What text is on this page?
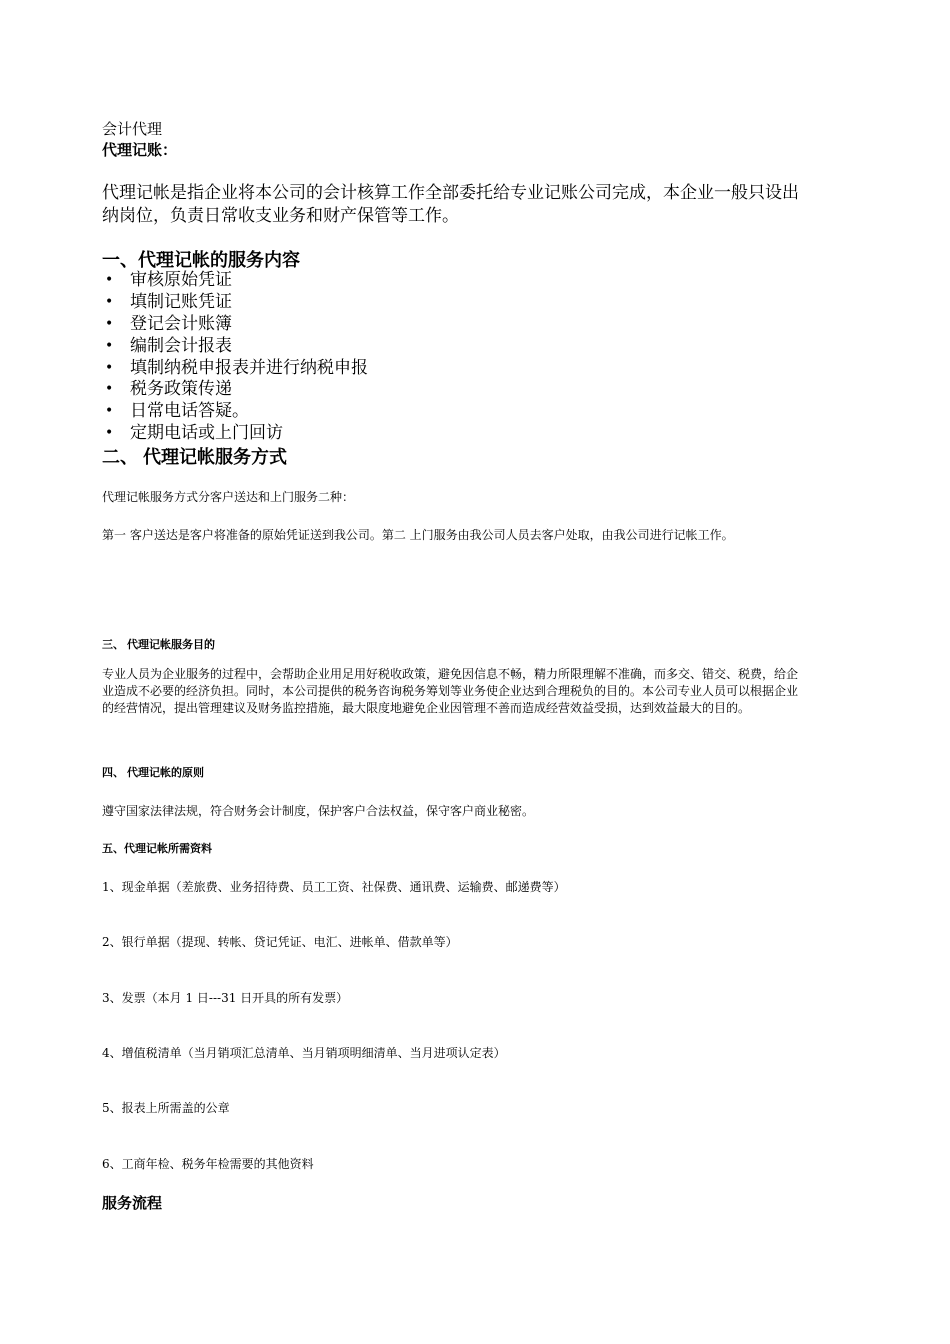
会计代理

代理记账：

代理记帐是指企业将本公司的会计核算工作全部委托给专业记账公司完成，本企业一般只设出纳岗位，负责日常收支业务和财产保管等工作。

一、代理记帐的服务内容

• 审核原始凭证
• 填制记账凭证
• 登记会计账簿
• 编制会计报表
• 填制纳税申报表并进行纳税申报
• 税务政策传递
• 日常电话答疑。
• 定期电话或上门回访

二、 代理记帐服务方式

代理记帐服务方式分客户送达和上门服务二种：

第一 客户送达是客户将准备的原始凭证送到我公司。第二 上门服务由我公司人员去客户处取，由我公司进行记帐工作。

三、 代理记帐服务目的

专业人员为企业服务的过程中，会帮助企业用足用好税收政策，避免因信息不畅，精力所限理解不准确，而多交、错交、税费，给企业造成不必要的经济负担。同时，本公司提供的税务咨询税务筹划等业务使企业达到合理税负的目的。本公司专业人员可以根据企业的经营情况，提出管理建议及财务监控措施，最大限度地避免企业因管理不善而造成经营效益受损，达到效益最大的目的。

四、 代理记帐的原则

遵守国家法律法规，符合财务会计制度，保护客户合法权益，保守客户商业秘密。

五、代理记帐所需资料

1、现金单据（差旅费、业务招待费、员工工资、社保费、通讯费、运输费、邮递费等）

2、银行单据（提现、转帐、贷记凭证、电汇、进帐单、借款单等）

3、发票（本月 1 日---31 日开具的所有发票）

4、增值税清单（当月销项汇总清单、当月销项明细清单、当月进项认定表）

5、报表上所需盖的公章

6、工商年检、税务年检需要的其他资料

服务流程
